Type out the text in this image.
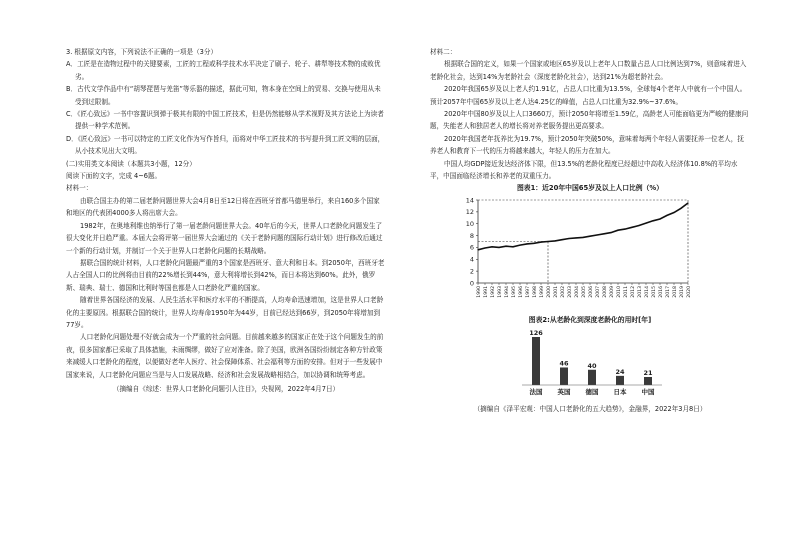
3. 根据原文内容，下列说法不正确的一项是（3分）

A．工匠是在造物过程中的关键要素，工匠的工程或科学技术水平决定了刷子、轮子、耕犁等技术物的成败优劣。

B．古代文学作品中有“胡琴琵琶与羌笛”等乐器的描述，据此可知，物本身在空间上的贸易、交换与使用从未受到过限制。

C．《匠心致远》一书中容置识到弹于极其有限的中国工匠技术，但是仍然能够从学术视野及其方法论上为读者提供一种学术范例。

D．《匠心致远》一书可以特定的工匠文化作为写作旨归，而将对中华工匠技术的书写提升到工匠文明的层面，从小技术见出大文明。

(二)实用类文本阅读（本题共3小题，12分）

阅读下面的文字，完成 4~6题。

材料一：

由联合国主办的第二届老龄问题世界大会4月8日至12日将在西班牙首都马德里举行，来自160多个国家和地区的代表团4000多人将出席大会。

1982年，在奥地利维也纳举行了第一届老龄问题世界大会。40年后的今天，世界人口老龄化问题发生了很大变化并日趋严重。本届大会将评第一届世界大会通过的《关于老龄问题的国际行动计划》进行修改后通过一个新的行动计划，并制订一个关于世界人口老龄化问题的长期战略。

据联合国的统计材料，人口老龄化问题最严重的3个国家是西班牙、意大利和日本。到2050年，西班牙老人占全国人口的比例将由目前的22%增长到44%，意大利将增长到42%，而日本将达到60%。此外，俄罗斯、瑞典、瑞士、德国和比利时等国也都是人口老龄化严重的国家。

随着世界各国经济的发展、人民生活水平和医疗水平的不断提高，人均寿命迅速增加，这是世界人口老龄化的主要原因。根据联合国的统计，世界人均寿命1950年为44岁，目前已经达到66岁，到2050年将增加到77岁。

人口老龄化问题处理不好就会成为一个严重的社会问题。目前越来越多的国家正在处于这个问题发生的前夜，很多国家都已采取了具体措施，未雨绸缪，做好了应对准备。除了美国，欧洲各国纷纷制定各种方针政策来减缓人口老龄化的程度，以便做好老年人医疗、社会保障体系、社会福利等方面的安排。但对于一些发展中国家来说，人口老龄化问题应当是与人口发展战略、经济和社会发展战略相结合，加以协调和统筹考虑。

（摘编自《综述：世界人口老龄化问题引人注目》，央视网，2022年4月7日）

材料二：

根据联合国的定义，如果一个国家或地区65岁及以上老年人口数量占总人口比例达到7%，则意味着进入老龄化社会，达到14%为老龄社会（深度老龄化社会），达到21%为超老龄社会。

2020年我国65岁及以上老人约1.91亿，占总人口比重为13.5%，全球每4个老年人中就有一个中国人。预计2057年中国65岁及以上老人达4.25亿的峰值，占总人口比重为32.9%~37.6%。

2020年中国80岁及以上人口3660万，预计2050年将增至1.59亿，高龄老人可能面临更为严峻的健康问题，失能老人和独居老人的增长将对养老服务提出更高要求。

2020年我国老年抚养比为19.7%，预计2050年突破50%，意味着每两个年轻人需要抚养一位老人，抚养老人和教育下一代的压力将越来越大，年轻人的压力在加大。

中国人均GDP接近发达经济体下限，但13.5%的老龄化程度已经超过中高收入经济体10.8%的平均水平，中国面临经济增长和养老的双重压力。

图表1：近20年中国65岁及以上人口比例（%）
0
2
4
6
8
10
12
14
1990 1991 1992 1993 1994 1995 1996 1997 1998 1999 2000 2001 2002 2003 2004 2005 2006 2007 2008 2009 2010 2011 2012 2013 2014 2015 2016 2017 2018 2019 2020
图表2:从老龄化到深度老龄化的用时[年]
126
法国
46
英国
40
德国
24
日本
21
中国

（摘编自《泽平宏观：中国人口老龄化的五大趋势》，金融界，2022年3月8日）
